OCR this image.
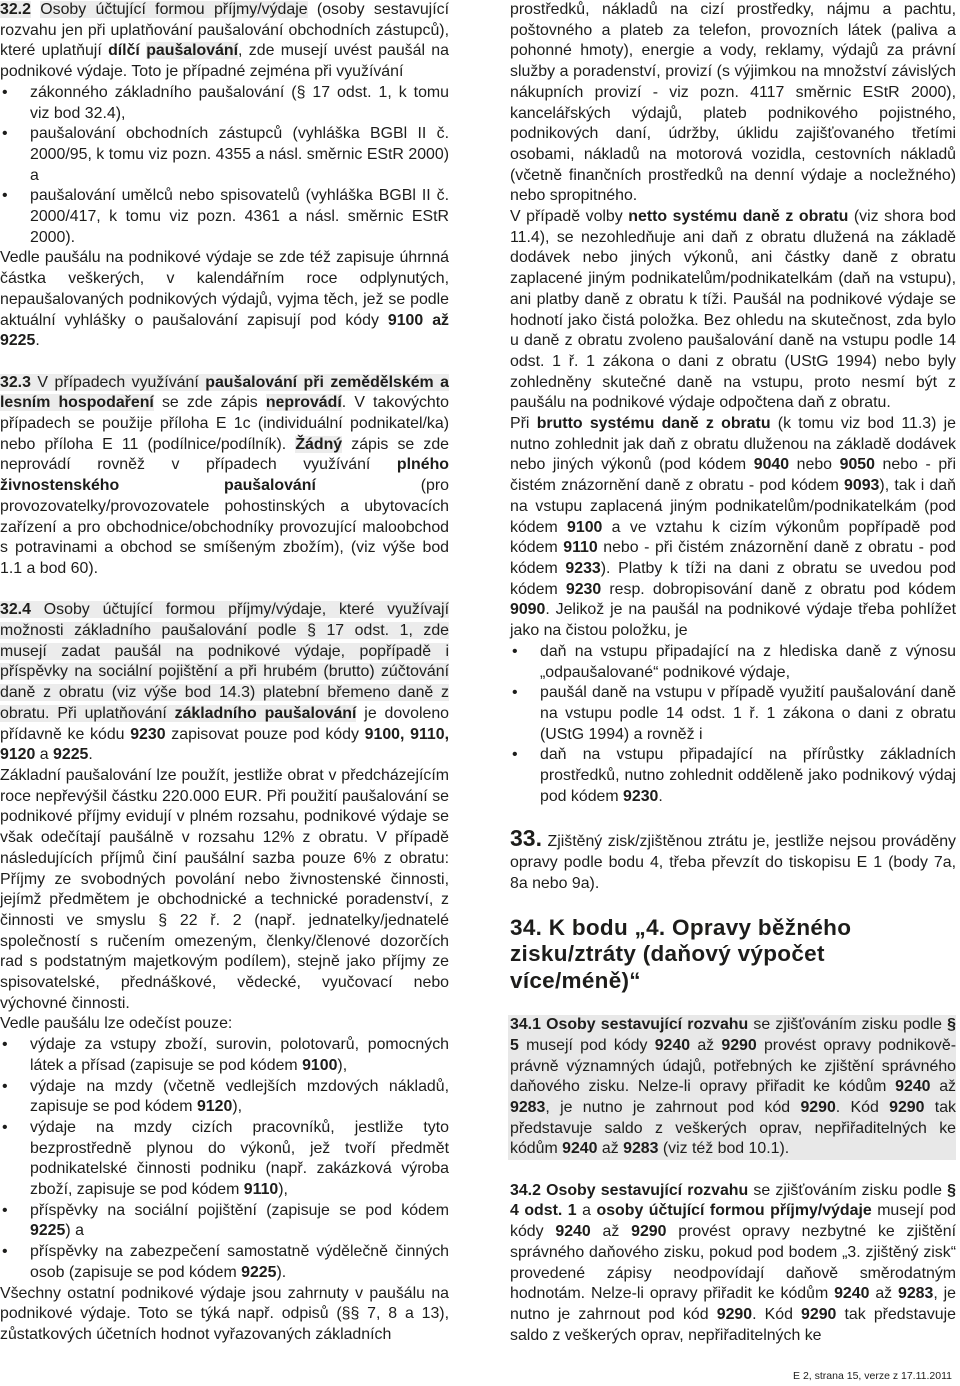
32.2 Osoby účtující formou příjmy/výdaje (osoby sestavující rozvahu jen při uplatňování paušalování obchodních zástupců), které uplatňují dílčí paušalování, zde musejí uvést paušál na podnikové výdaje. Toto je případné zejména při využívání

• zákonného základního paušalování (§ 17 odst. 1, k tomu viz bod 32.4),
• paušalování obchodních zástupců (vyhláška BGBl II č. 2000/95, k tomu viz pozn. 4355 a násl. směrnic EStR 2000) a
• paušalování umělců nebo spisovatelů (vyhláška BGBl II č. 2000/417, k tomu viz pozn. 4361 a násl. směrnic EStR 2000).

Vedle paušálu na podnikové výdaje se zde též zapisuje úhrnná částka veškerých, v kalendářním roce odplynutých, nepaušalovaných podnikových výdajů, vyjma těch, jež se podle aktuální vyhlášky o paušalování zapisují pod kódy 9100 až 9225.

32.3 V případech využívání paušalování při zemědělském a lesním hospodaření se zde zápis neprovádí. V takovýchto případech se použije příloha E 1c (individuální podnikatel/ka) nebo příloha E 11 (podílnice/podílník). Žádný zápis se zde neprovádí rovněž v případech využívání plného živnostenského paušalování (pro provozovatelky/provozovatele pohostinských a ubytovacích zařízení a pro obchodnice/obchodníky provozující maloobchod s potravinami a obchod se smíšeným zbožím), (viz výše bod 1.1 a bod 60).

32.4 Osoby účtující formou příjmy/výdaje, které využívají možnosti základního paušalování podle § 17 odst. 1, zde musejí zadat paušál na podnikové výdaje, popřípadě i příspěvky na sociální pojištění a při hrubém (brutto) zúčtování daně z obratu (viz výše bod 14.3) platební břemeno daně z obratu. Při uplatňování základního paušalování je dovoleno přídavně ke kódu 9230 zapisovat pouze pod kódy 9100, 9110, 9120 a 9225.

Základní paušalování lze použít, jestliže obrat v předcházejícím roce nepřevýšil částku 220.000 EUR. Při použití paušalování se podnikové příjmy evidují v plném rozsahu, podnikové výdaje se však odečítají paušálně v rozsahu 12% z obratu. V případě následujících příjmů činí paušální sazba pouze 6% z obratu: Příjmy ze svobodných povolání nebo živnostenské činnosti, jejímž předmětem je obchodnické a technické poradenství, z činnosti ve smyslu § 22 ř. 2 (např. jednatelky/jednatelé společností s ručením omezeným, členky/členové dozorčích rad s podstatným majetkovým podílem), stejně jako příjmy ze spisovatelské, přednáškové, vědecké, vyučovací nebo výchovné činnosti.

Vedle paušálu lze odečíst pouze:

• výdaje za vstupy zboží, surovin, polotovarů, pomocných látek a přísad (zapisuje se pod kódem 9100),
• výdaje na mzdy (včetně vedlejších mzdových nákladů, zapisuje se pod kódem 9120),
• výdaje na mzdy cizích pracovníků, jestliže tyto bezprostředně plynou do výkonů, jež tvoří předmět podnikatelské činnosti podniku (např. zakázková výroba zboží, zapisuje se pod kódem 9110),
• příspěvky na sociální pojištění (zapisuje se pod kódem 9225) a
• příspěvky na zabezpečení samostatně výdělečně činných osob (zapisuje se pod kódem 9225).

Všechny ostatní podnikové výdaje jsou zahrnuty v paušálu na podnikové výdaje. Toto se týká např. odpisů (§§ 7, 8 a 13), zůstatkových účetních hodnot vyřazovaných základních

prostředků, nákladů na cizí prostředky, nájmu a pachtu, poštovného a plateb za telefon, provozních látek (paliva a pohonné hmoty), energie a vody, reklamy, výdajů za právní služby a poradenství, provizí (s výjimkou na množství závislých nákupních provizí - viz pozn. 4117 směrnic EStR 2000), kancelářských výdajů, plateb podnikového pojistného, podnikových daní, údržby, úklidu zajišťovaného třetími osobami, nákladů na motorová vozidla, cestovních nákladů (včetně finančních prostředků na denní výdaje a nocležného) nebo spropitného.

V případě volby netto systému daně z obratu (viz shora bod 11.4), se nezohledňuje ani daň z obratu dlužená na základě dodávek nebo jiných výkonů, ani částky daně z obratu zaplacené jiným podnikatelům/podnikatelkám (daň na vstupu), ani platby daně z obratu k tíži. Paušál na podnikové výdaje se hodnotí jako čistá položka. Bez ohledu na skutečnost, zda bylo u daně z obratu zvoleno paušalování daně na vstupu podle 14 odst. 1 ř. 1 zákona o dani z obratu (UStG 1994) nebo byly zohledněny skutečné daně na vstupu, proto nesmí být z paušálu na podnikové výdaje odpočtena daň z obratu.

Při brutto systému daně z obratu (k tomu viz bod 11.3) je nutno zohlednit jak daň z obratu dluženou na základě dodávek nebo jiných výkonů (pod kódem 9040 nebo 9050 nebo - při čistém znázornění daně z obratu - pod kódem 9093), tak i daň na vstupu zaplacená jiným podnikatelům/podnikatelkám (pod kódem 9100 a ve vztahu k cizím výkonům popřípadě pod kódem 9110 nebo - při čistém znázornění daně z obratu - pod kódem 9233). Platby k tíži na dani z obratu se uvedou pod kódem 9230 resp. dobropisování daně z obratu pod kódem 9090. Jelikož je na paušál na podnikové výdaje třeba pohlížet jako na čistou položku, je

• daň na vstupu připadající na z hlediska daně z výnosu „odpaušalované“ podnikové výdaje,
• paušál daně na vstupu v případě využití paušalování daně na vstupu podle 14 odst. 1 ř. 1 zákona o dani z obratu (UStG 1994) a rovněž i
• daň na vstupu připadající na přírůstky základních prostředků, nutno zohlednit odděleně jako podnikový výdaj pod kódem 9230.

33. Zjištěný zisk/zjištěnou ztrátu je, jestliže nejsou prováděny opravy podle bodu 4, třeba převzít do tiskopisu E 1 (body 7a, 8a nebo 9a).

34. K bodu „4. Opravy běžného zisku/ztráty (daňový výpočet více/méně)“

34.1 Osoby sestavující rozvahu se zjišťováním zisku podle § 5 musejí pod kódy 9240 až 9290 provést opravy podnikově-právně významných údajů, potřebných ke zjištění správného daňového zisku. Nelze-li opravy přiřadit ke kódům 9240 až 9283, je nutno je zahrnout pod kód 9290. Kód 9290 tak představuje saldo z veškerých oprav, nepřiřaditelných ke kódům 9240 až 9283 (viz též bod 10.1).

34.2 Osoby sestavující rozvahu se zjišťováním zisku podle § 4 odst. 1 a osoby účtující formou příjmy/výdaje musejí pod kódy 9240 až 9290 provést opravy nezbytné ke zjištění správného daňového zisku, pokud pod bodem „3. zjištěný zisk“ provedené zápisy neodpovídají daňově směrodatným hodnotám. Nelze-li opravy přiřadit ke kódům 9240 až 9283, je nutno je zahrnout pod kód 9290. Kód 9290 tak představuje saldo z veškerých oprav, nepřiřaditelných ke

E 2, strana 15, verze z 17.11.2011
